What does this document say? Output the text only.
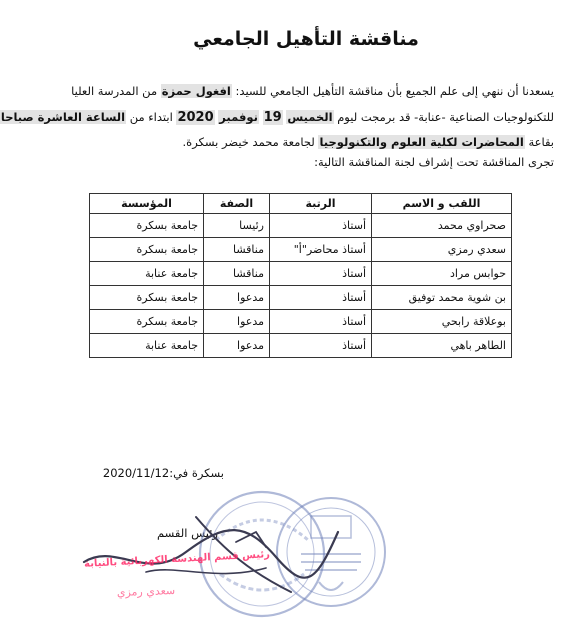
مناقشة التأهيل الجامعي
يسعدنا أن ننهي إلى علم الجميع بأن مناقشة التأهيل الجامعي للسيد: افغول حمزة من المدرسة العليا
للتكنولوجيات الصناعية -عنابة- قد برمجت ليوم الخميس 19 نوفمبر 2020 ابتداء من الساعة العاشرة صباحا
بقاعة المحاضرات لكلية العلوم والتكنولوجيا لجامعة محمد خيضر بسكرة.
تجرى المناقشة تحت إشراف لجنة المناقشة التالية:
اللقب و الاسم	الرتبة	الصفة	المؤسسة
صحراوي محمد	أستاذ	رئيسا	جامعة بسكرة
سعدي رمزي	أستاذ محاضر"أ"	مناقشا	جامعة بسكرة
حوابس مراد	أستاذ	مناقشا	جامعة عنابة
بن شوية محمد توفيق	أستاذ	مدعوا	جامعة بسكرة
بوعلاقة رابحي	أستاذ	مدعوا	جامعة بسكرة
الطاهر باهي	أستاذ	مدعوا	جامعة عنابة
بسكرة في:2020/11/12
رئيس القسم
رئيس قسم الهندسة الكهربائية بالنيابة
سعدي رمزي
